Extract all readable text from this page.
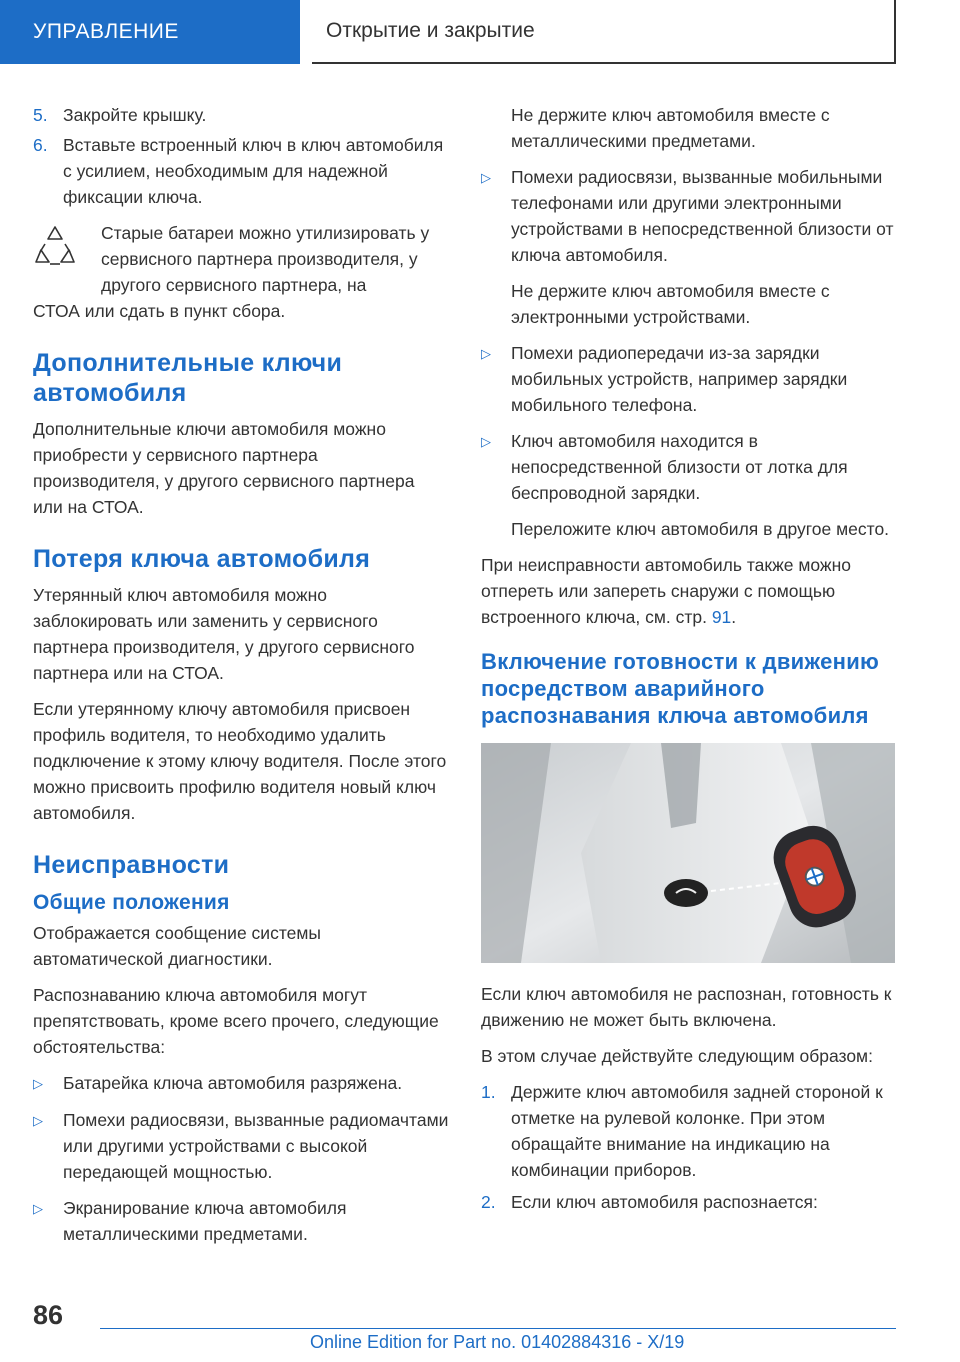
УПРАВЛЕНИЕ	Открытие и закрытие
5. Закройте крышку.
6. Вставьте встроенный ключ в ключ автомобиля с усилием, необходимым для надежной фиксации ключа.
Старые батареи можно утилизировать у сервисного партнера производителя, у другого сервисного партнера, на
СТОА или сдать в пункт сбора.
Дополнительные ключи автомобиля

Дополнительные ключи автомобиля можно приобрести у сервисного партнера производителя, у другого сервисного партнера или на СТОА.

Потеря ключа автомобиля

Утерянный ключ автомобиля можно заблокировать или заменить у сервисного партнера производителя, у другого сервисного партнера или на СТОА.

Если утерянному ключу автомобиля присвоен профиль водителя, то необходимо удалить подключение к этому ключу водителя. После этого можно присвоить профилю водителя новый ключ автомобиля.

Неисправности
Общие положения

Отображается сообщение системы автоматической диагностики.

Распознаванию ключа автомобиля могут препятствовать, кроме всего прочего, следующие обстоятельства:

▷	Батарейка ключа автомобиля разряжена.
▷	Помехи радиосвязи, вызванные радиомачтами или другими устройствами с высокой передающей мощностью.
▷	Экранирование ключа автомобиля металлическими предметами.

Не держите ключ автомобиля вместе с металлическими предметами.

▷	Помехи радиосвязи, вызванные мобильными телефонами или другими электронными устройствами в непосредственной близости от ключа автомобиля.

Не держите ключ автомобиля вместе с электронными устройствами.

▷	Помехи радиопередачи из-за зарядки мобильных устройств, например зарядки мобильного телефона.
▷	Ключ автомобиля находится в непосредственной близости от лотка для беспроводной зарядки.

Переложите ключ автомобиля в другое место.

При неисправности автомобиль также можно отпереть или запереть снаружи с помощью встроенного ключа, см. стр. 91.

Включение готовности к движению посредством аварийного распознавания ключа автомобиля

Если ключ автомобиля не распознан, готовность к движению не может быть включена.

В этом случае действуйте следующим образом:

1. Держите ключ автомобиля задней стороной к отметке на рулевой колонке. При этом обращайте внимание на индикацию на комбинации приборов.
2. Если ключ автомобиля распознается:
86
Online Edition for Part no. 01402884316 - X/19
